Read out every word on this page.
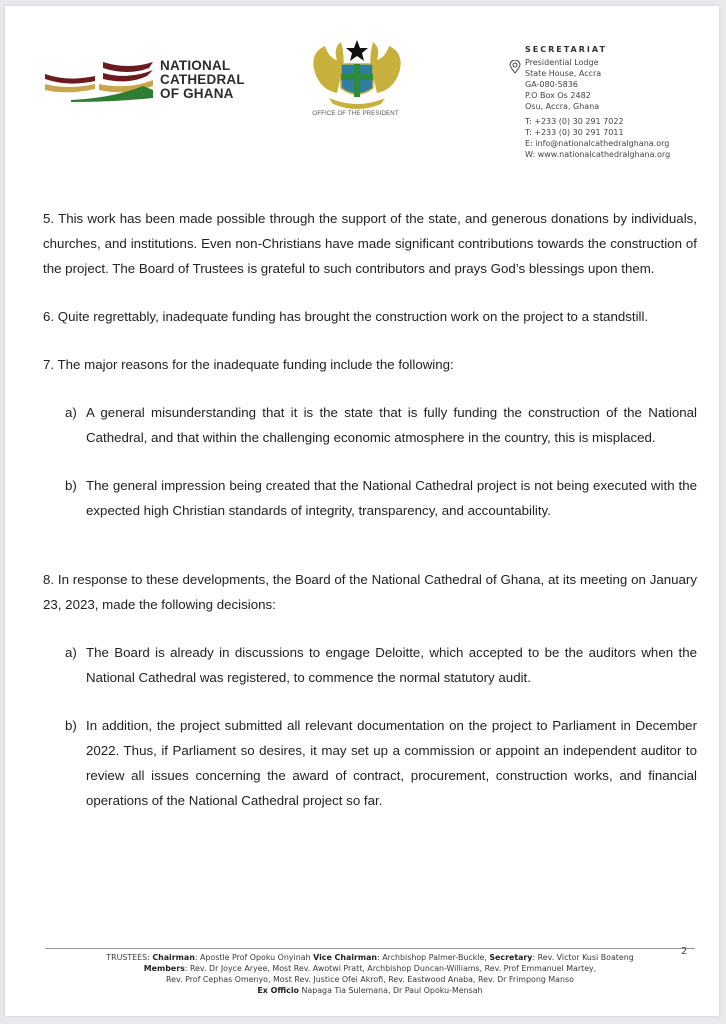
NATIONAL
CATHEDRAL
OF GHANA
OFFICE OF THE PRESIDENT
SECRETARIAT
Presidential Lodge
State House, Accra
GA-080-5836
P.O Box Os 2482
Osu, Accra, Ghana
T: +233 (0) 30 291 7022
T: +233 (0) 30 291 7011
E: info@nationalcathedralghana.org
W: www.nationalcathedralghana.org

5. This work has been made possible through the support of the state, and generous donations by individuals, churches, and institutions. Even non-Christians have made significant contributions towards the construction of the project. The Board of Trustees is grateful to such contributors and prays God’s blessings upon them.

6. Quite regrettably, inadequate funding has brought the construction work on the project to a standstill.

7. The major reasons for the inadequate funding include the following:

a) A general misunderstanding that it is the state that is fully funding the construction of the National Cathedral, and that within the challenging economic atmosphere in the country, this is misplaced.
b) The general impression being created that the National Cathedral project is not being executed with the expected high Christian standards of integrity, transparency, and accountability.

8. In response to these developments, the Board of the National Cathedral of Ghana, at its meeting on January 23, 2023, made the following decisions:

a) The Board is already in discussions to engage Deloitte, which accepted to be the auditors when the National Cathedral was registered, to commence the normal statutory audit.
b) In addition, the project submitted all relevant documentation on the project to Parliament in December 2022. Thus, if Parliament so desires, it may set up a commission or appoint an independent auditor to review all issues concerning the award of contract, procurement, construction works, and financial operations of the National Cathedral project so far.
TRUSTEES: Chairman: Apostle Prof Opoku Onyinah Vice Chairman: Archbishop Palmer-Buckle, Secretary: Rev. Victor Kusi Boateng
Members: Rev. Dr Joyce Aryee, Most Rev. Awotwi Pratt, Archbishop Duncan-Williams, Rev. Prof Emmanuel Martey,
Rev. Prof Cephas Omenyo, Most Rev. Justice Ofei Akrofi, Rev. Eastwood Anaba, Rev. Dr Frimpong Manso
Ex Officio Napaga Tia Sulemana, Dr Paul Opoku-Mensah
2
